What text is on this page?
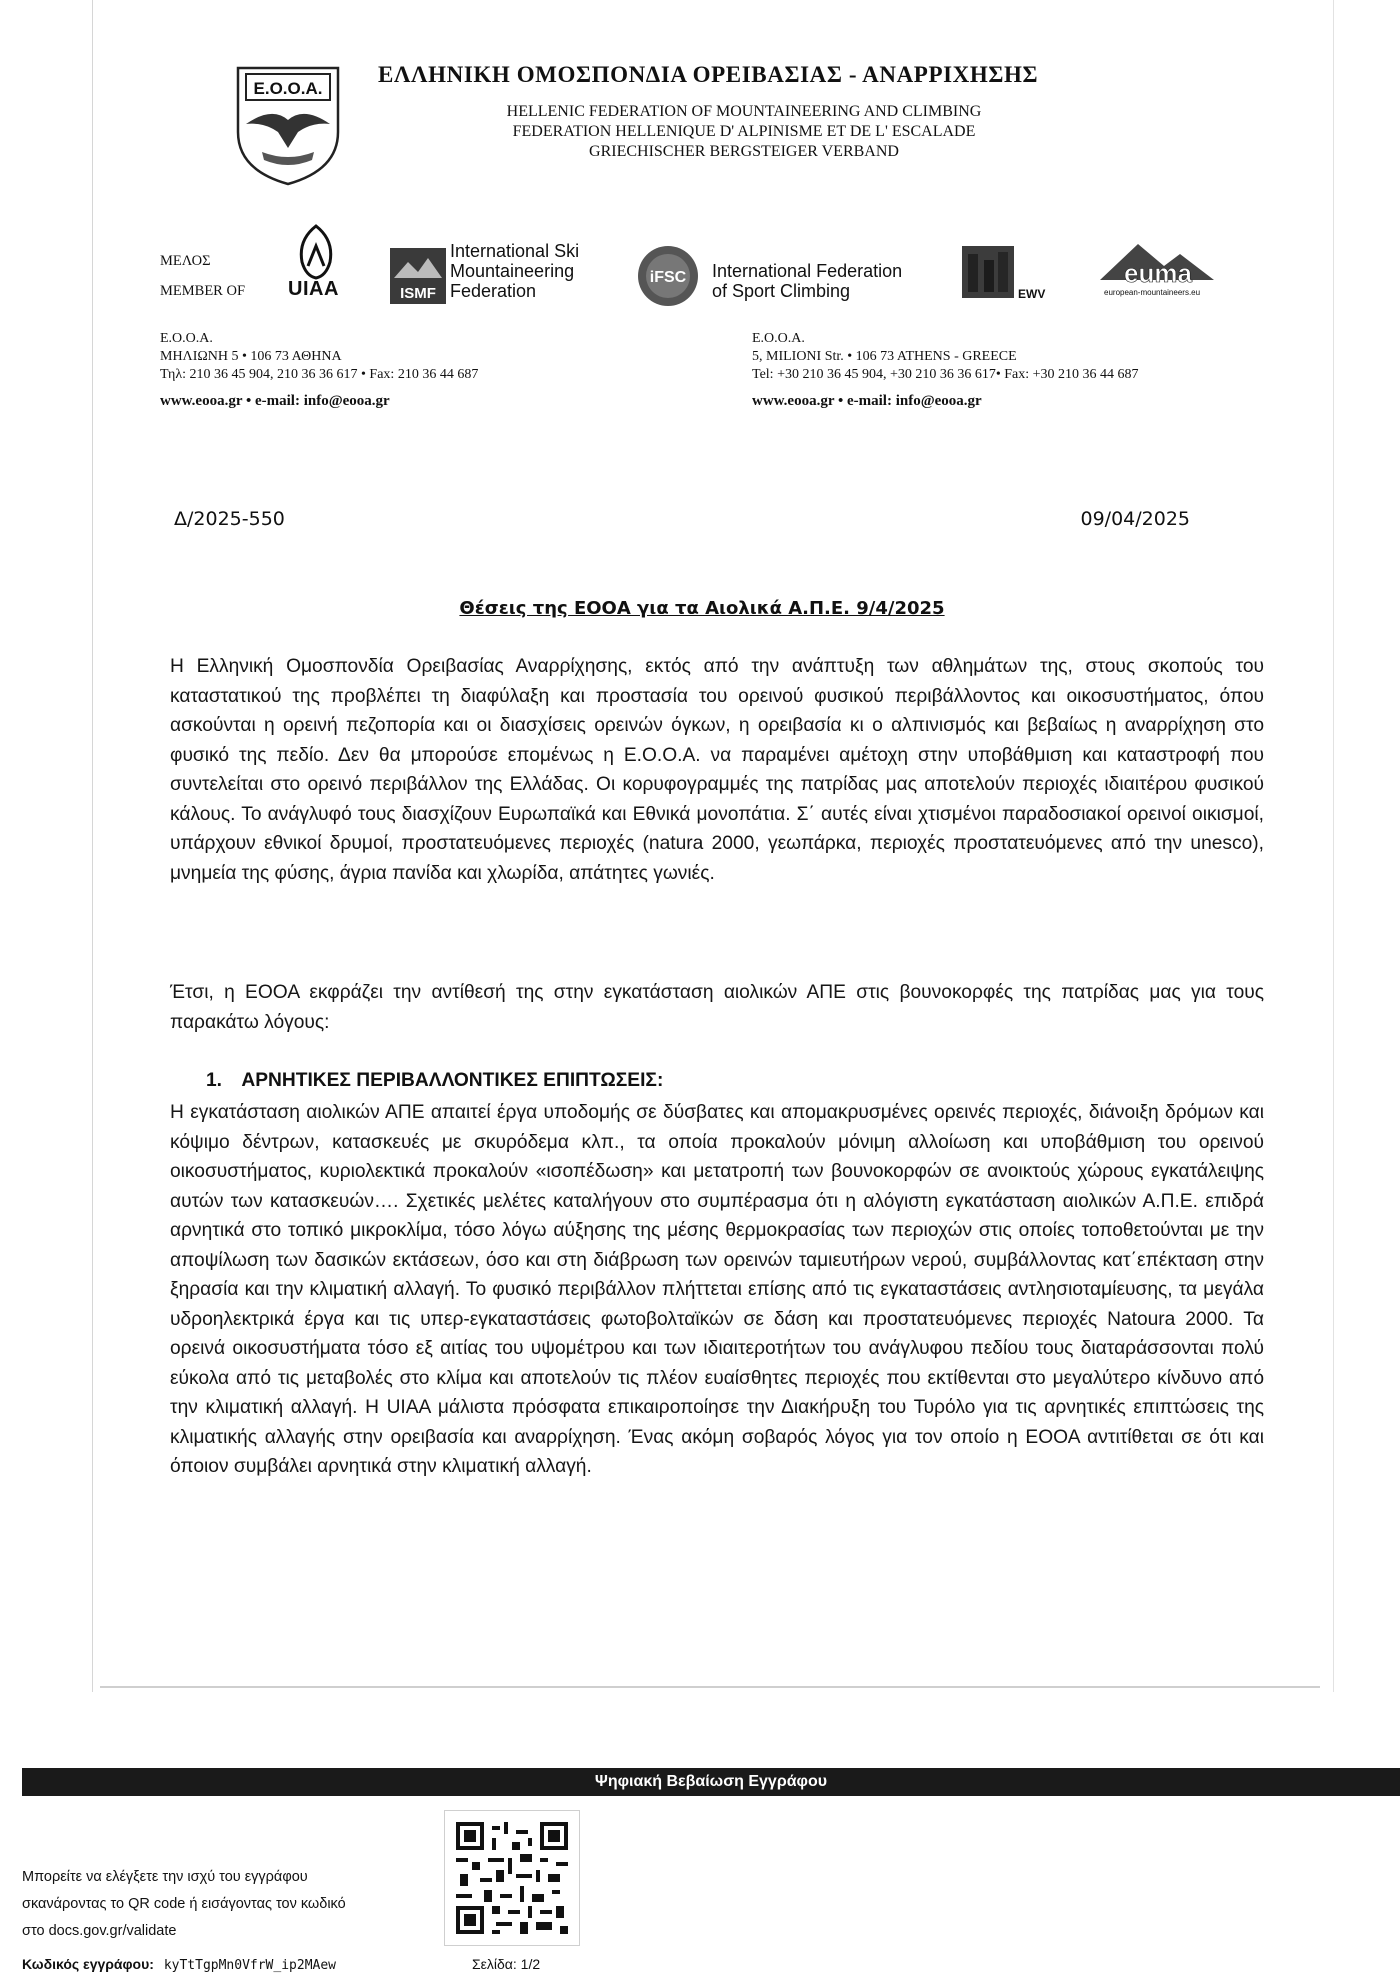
Ε.Ο.Ο.Α.
ΕΛΛΗΝΙΚΗ ΟΜΟΣΠΟΝΔΙΑ ΟΡΕΙΒΑΣΙΑΣ - ΑΝΑΡΡΙΧΗΣΗΣ
HELLENIC FEDERATION OF MOUNTAINEERING AND CLIMBING
FEDERATION HELLENIQUE D' ALPINISME ET DE L' ESCALADE
GRIECHISCHER BERGSTEIGER VERBAND
ΜΕΛΟΣ
MEMBER OF UIAA	ISMF
International Ski
Mountaineering
Federation
iFSC International Federation
of Sport Climbing	EWV
euma
european-mountaineers.eu
Ε.Ο.Ο.Α.
ΜΗΛΙΩΝΗ 5 • 106 73 ΑΘΗΝΑ
Τηλ: 210 36 45 904, 210 36 36 617 • Fax: 210 36 44 687
www.eooa.gr • e-mail: info@eooa.gr
Ε.Ο.Ο.Α.
5, MILIONI Str. • 106 73 ATHENS - GREECE
Tel: +30 210 36 45 904, +30 210 36 36 617• Fax: +30 210 36 44 687
www.eooa.gr • e-mail: info@eooa.gr
Δ/2025-550	09/04/2025
Θέσεις της ΕΟΟΑ για τα Αιολικά Α.Π.Ε. 9/4/2025
Η Ελληνική Ομοσπονδία Ορειβασίας Αναρρίχησης, εκτός από την ανάπτυξη των αθλημάτων της, στους σκοπούς του καταστατικού της προβλέπει τη διαφύλαξη και προστασία του ορεινού φυσικού περιβάλλοντος και οικοσυστήματος, όπου ασκούνται η ορεινή πεζοπορία και οι διασχίσεις ορεινών όγκων, η ορειβασία κι ο αλπινισμός και βεβαίως η αναρρίχηση στο φυσικό της πεδίο. Δεν θα μπορούσε επομένως η Ε.Ο.Ο.Α. να παραμένει αμέτοχη στην υποβάθμιση και καταστροφή που συντελείται στο ορεινό περιβάλλον της Ελλάδας. Οι κορυφογραμμές της πατρίδας μας αποτελούν περιοχές ιδιαιτέρου φυσικού κάλους. Το ανάγλυφό τους διασχίζουν Ευρωπαϊκά και Εθνικά μονοπάτια. Σ΄ αυτές είναι χτισμένοι παραδοσιακοί ορεινοί οικισμοί, υπάρχουν εθνικοί δρυμοί, προστατευόμενες περιοχές (natura 2000, γεωπάρκα, περιοχές προστατευόμενες από την unesco), μνημεία της φύσης, άγρια πανίδα και χλωρίδα, απάτητες γωνιές.
Έτσι, η ΕΟΟΑ εκφράζει την αντίθεσή της στην εγκατάσταση αιολικών ΑΠΕ στις βουνοκορφές της πατρίδας μας για τους παρακάτω λόγους:
1. ΑΡΝΗΤΙΚΕΣ ΠΕΡΙΒΑΛΛΟΝΤΙΚΕΣ ΕΠΙΠΤΩΣΕΙΣ:
Η εγκατάσταση αιολικών ΑΠΕ απαιτεί έργα υποδομής σε δύσβατες και απομακρυσμένες ορεινές περιοχές, διάνοιξη δρόμων και κόψιμο δέντρων, κατασκευές με σκυρόδεμα κλπ., τα οποία προκαλούν μόνιμη αλλοίωση και υποβάθμιση του ορεινού οικοσυστήματος, κυριολεκτικά προκαλούν «ισοπέδωση» και μετατροπή των βουνοκορφών σε ανοικτούς χώρους εγκατάλειψης αυτών των κατασκευών…. Σχετικές μελέτες καταλήγουν στο συμπέρασμα ότι η αλόγιστη εγκατάσταση αιολικών Α.Π.Ε. επιδρά αρνητικά στο τοπικό μικροκλίμα, τόσο λόγω αύξησης της μέσης θερμοκρασίας των περιοχών στις οποίες τοποθετούνται με την αποψίλωση των δασικών εκτάσεων, όσο και στη διάβρωση των ορεινών ταμιευτήρων νερού, συμβάλλοντας κατ΄επέκταση στην ξηρασία και την κλιματική αλλαγή. Το φυσικό περιβάλλον πλήττεται επίσης από τις εγκαταστάσεις αντλησιοταμίευσης, τα μεγάλα υδροηλεκτρικά έργα και τις υπερ-εγκαταστάσεις φωτοβολταϊκών σε δάση και προστατευόμενες περιοχές Natoura 2000. Τα ορεινά οικοσυστήματα τόσο εξ αιτίας του υψομέτρου και των ιδιαιτεροτήτων του ανάγλυφου πεδίου τους διαταράσσονται πολύ εύκολα από τις μεταβολές στο κλίμα και αποτελούν τις πλέον ευαίσθητες περιοχές που εκτίθενται στο μεγαλύτερο κίνδυνο από την κλιματική αλλαγή. Η UIAA μάλιστα πρόσφατα επικαιροποίησε την Διακήρυξη του Τυρόλο για τις αρνητικές επιπτώσεις της κλιματικής αλλαγής στην ορειβασία και αναρρίχηση. Ένας ακόμη σοβαρός λόγος για τον οποίο η ΕΟΟΑ αντιτίθεται σε ότι και όποιον συμβάλει αρνητικά στην κλιματική αλλαγή.
Ψηφιακή Βεβαίωση Εγγράφου
Μπορείτε να ελέγξετε την ισχύ του εγγράφου
σκανάροντας το QR code ή εισάγοντας τον κωδικό
στο docs.gov.gr/validate
Κωδικός εγγράφου: kyTtTgpMn0VfrW_ip2MAew	Σελίδα: 1/2
